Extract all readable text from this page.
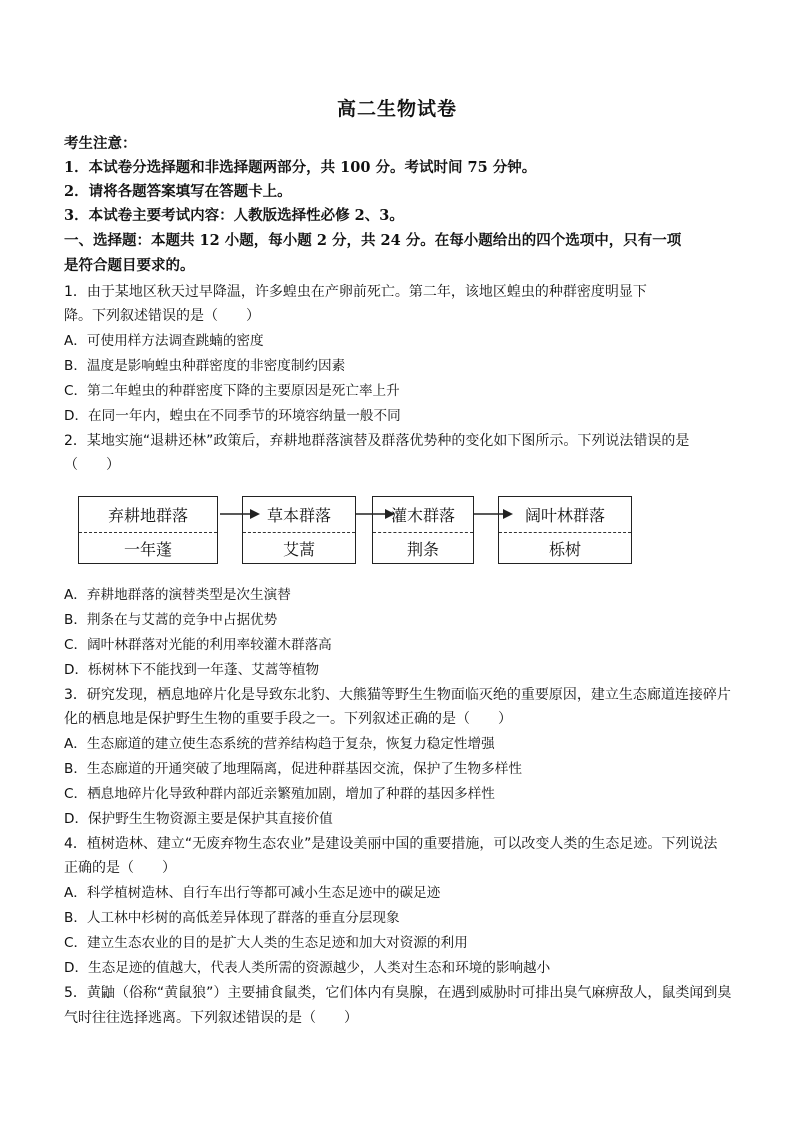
高二生物试卷
考生注意：
1．本试卷分选择题和非选择题两部分，共 100 分。考试时间 75 分钟。
2．请将各题答案填写在答题卡上。
3．本试卷主要考试内容：人教版选择性必修 2、3。
一、选择题：本题共 12 小题，每小题 2 分，共 24 分。在每小题给出的四个选项中，只有一项
是符合题目要求的。
1．由于某地区秋天过早降温，许多蝗虫在产卵前死亡。第二年，该地区蝗虫的种群密度明显下
降。下列叙述错误的是（　　）
A．可使用样方法调查跳蝻的密度
B．温度是影响蝗虫种群密度的非密度制约因素
C．第二年蝗虫的种群密度下降的主要原因是死亡率上升
D．在同一年内，蝗虫在不同季节的环境容纳量一般不同
2．某地实施“退耕还林”政策后，弃耕地群落演替及群落优势种的变化如下图所示。下列说法错误的是
（　　）
弃耕地群落
一年蓬
草本群落
艾蒿
灌木群落
荆条
阔叶林群落
栎树
A．弃耕地群落的演替类型是次生演替
B．荆条在与艾蒿的竞争中占据优势
C．阔叶林群落对光能的利用率较灌木群落高
D．栎树林下不能找到一年蓬、艾蒿等植物
3．研究发现，栖息地碎片化是导致东北豹、大熊猫等野生生物面临灭绝的重要原因，建立生态廊道连接碎片
化的栖息地是保护野生生物的重要手段之一。下列叙述正确的是（　　）
A．生态廊道的建立使生态系统的营养结构趋于复杂，恢复力稳定性增强
B．生态廊道的开通突破了地理隔离，促进种群基因交流，保护了生物多样性
C．栖息地碎片化导致种群内部近亲繁殖加剧，增加了种群的基因多样性
D．保护野生生物资源主要是保护其直接价值
4．植树造林、建立“无废弃物生态农业”是建设美丽中国的重要措施，可以改变人类的生态足迹。下列说法
正确的是（　　）
A．科学植树造林、自行车出行等都可减小生态足迹中的碳足迹
B．人工林中杉树的高低差异体现了群落的垂直分层现象
C．建立生态农业的目的是扩大人类的生态足迹和加大对资源的利用
D．生态足迹的值越大，代表人类所需的资源越少，人类对生态和环境的影响越小
5．黄鼬（俗称“黄鼠狼”）主要捕食鼠类，它们体内有臭腺，在遇到威胁时可排出臭气麻痹敌人，鼠类闻到臭
气时往往选择逃离。下列叙述错误的是（　　）
